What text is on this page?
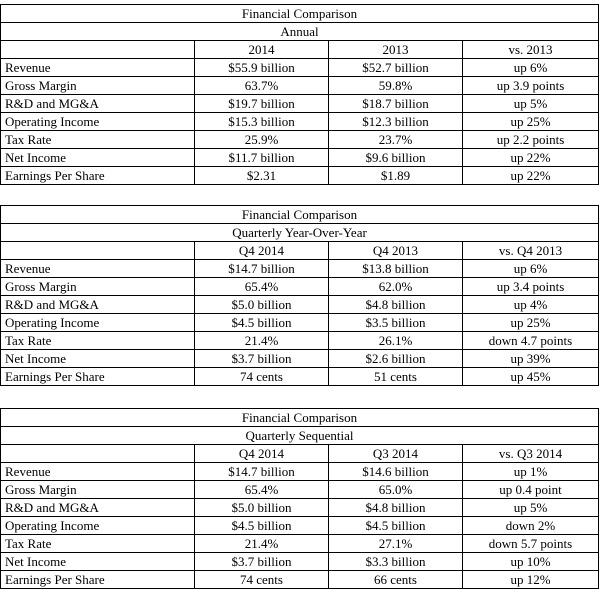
Financial Comparison			
Annual			
	2014	2013	vs. 2013
Revenue	$55.9 billion	$52.7 billion	up 6%
Gross Margin	63.7%	59.8%	up 3.9 points
R&D and MG&A	$19.7 billion	$18.7 billion	up 5%
Operating Income	$15.3 billion	$12.3 billion	up 25%
Tax Rate	25.9%	23.7%	up 2.2 points
Net Income	$11.7 billion	$9.6 billion	up 22%
Earnings Per Share	$2.31	$1.89	up 22%
Financial Comparison			
Quarterly Year-Over-Year			
	Q4 2014	Q4 2013	vs. Q4 2013
Revenue	$14.7 billion	$13.8 billion	up 6%
Gross Margin	65.4%	62.0%	up 3.4 points
R&D and MG&A	$5.0 billion	$4.8 billion	up 4%
Operating Income	$4.5 billion	$3.5 billion	up 25%
Tax Rate	21.4%	26.1%	down 4.7 points
Net Income	$3.7 billion	$2.6 billion	up 39%
Earnings Per Share	74 cents	51 cents	up 45%
Financial Comparison			
Quarterly Sequential			
	Q4 2014	Q3 2014	vs. Q3 2014
Revenue	$14.7 billion	$14.6 billion	up 1%
Gross Margin	65.4%	65.0%	up 0.4 point
R&D and MG&A	$5.0 billion	$4.8 billion	up 5%
Operating Income	$4.5 billion	$4.5 billion	down 2%
Tax Rate	21.4%	27.1%	down 5.7 points
Net Income	$3.7 billion	$3.3 billion	up 10%
Earnings Per Share	74 cents	66 cents	up 12%
